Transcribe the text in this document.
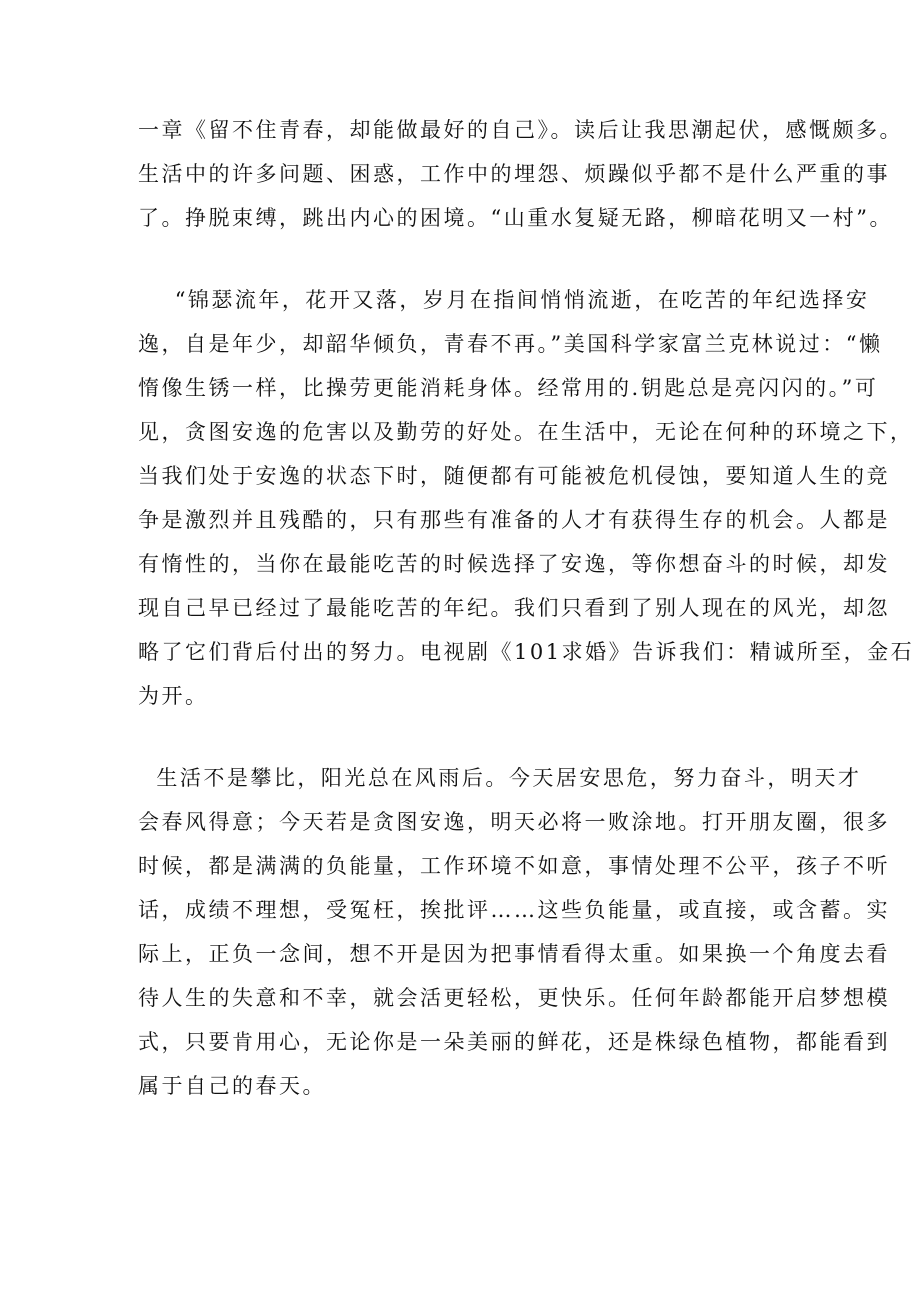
一章《留不住青春，却能做最好的自己》。读后让我思潮起伏，感慨颇多。
生活中的许多问题、困惑，工作中的埋怨、烦躁似乎都不是什么严重的事
了。挣脱束缚，跳出内心的困境。“山重水复疑无路，柳暗花明又一村”。
“锦瑟流年，花开又落，岁月在指间悄悄流逝，在吃苦的年纪选择安
逸，自是年少，却韶华倾负，青春不再。”美国科学家富兰克林说过：“懒
惰像生锈一样，比操劳更能消耗身体。经常用的.钥匙总是亮闪闪的。”可
见，贪图安逸的危害以及勤劳的好处。在生活中，无论在何种的环境之下，
当我们处于安逸的状态下时，随便都有可能被危机侵蚀，要知道人生的竞
争是激烈并且残酷的，只有那些有准备的人才有获得生存的机会。人都是
有惰性的，当你在最能吃苦的时候选择了安逸，等你想奋斗的时候，却发
现自己早已经过了最能吃苦的年纪。我们只看到了别人现在的风光，却忽
略了它们背后付出的努力。电视剧《101求婚》告诉我们：精诚所至，金石
为开。
生活不是攀比，阳光总在风雨后。今天居安思危，努力奋斗，明天才
会春风得意；今天若是贪图安逸，明天必将一败涂地。打开朋友圈，很多
时候，都是满满的负能量，工作环境不如意，事情处理不公平，孩子不听
话，成绩不理想，受冤枉，挨批评……这些负能量，或直接，或含蓄。实
际上，正负一念间，想不开是因为把事情看得太重。如果换一个角度去看
待人生的失意和不幸，就会活更轻松，更快乐。任何年龄都能开启梦想模
式，只要肯用心，无论你是一朵美丽的鲜花，还是株绿色植物，都能看到
属于自己的春天。
